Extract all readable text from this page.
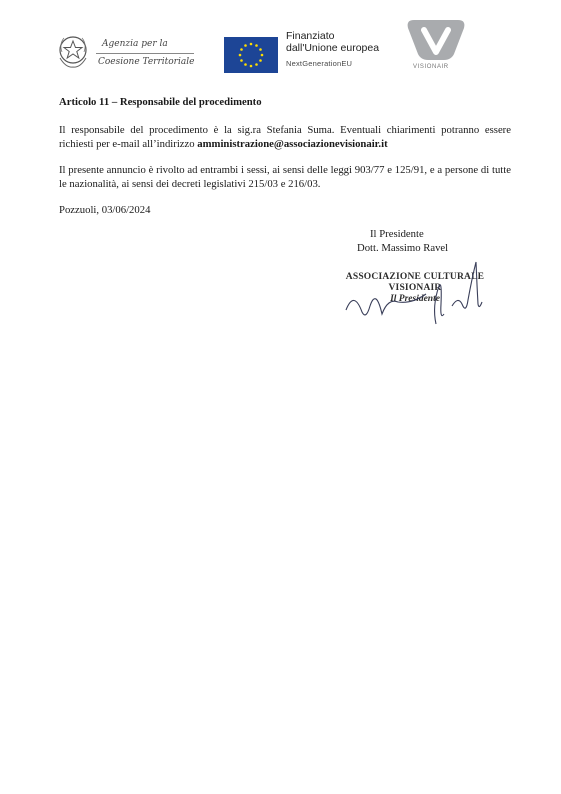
Agenzia per la
Coesione Territoriale
Finanziato
dall'Unione europea
NextGenerationEU	VISIONAIR
Articolo 11 – Responsabile del procedimento

Il responsabile del procedimento è la sig.ra Stefania Suma. Eventuali chiarimenti potranno essere richiesti per e-mail all’indirizzo amministrazione@associazionevisionair.it

Il presente annuncio è rivolto ad entrambi i sessi, ai sensi delle leggi 903/77 e 125/91, e a persone di tutte le nazionalità, ai sensi dei decreti legislativi 215/03 e 216/03.

Pozzuoli, 03/06/2024

Il Presidente
Dott. Massimo Ravel
ASSOCIAZIONE CULTURALE
VISIONAIR
Il Presidente
